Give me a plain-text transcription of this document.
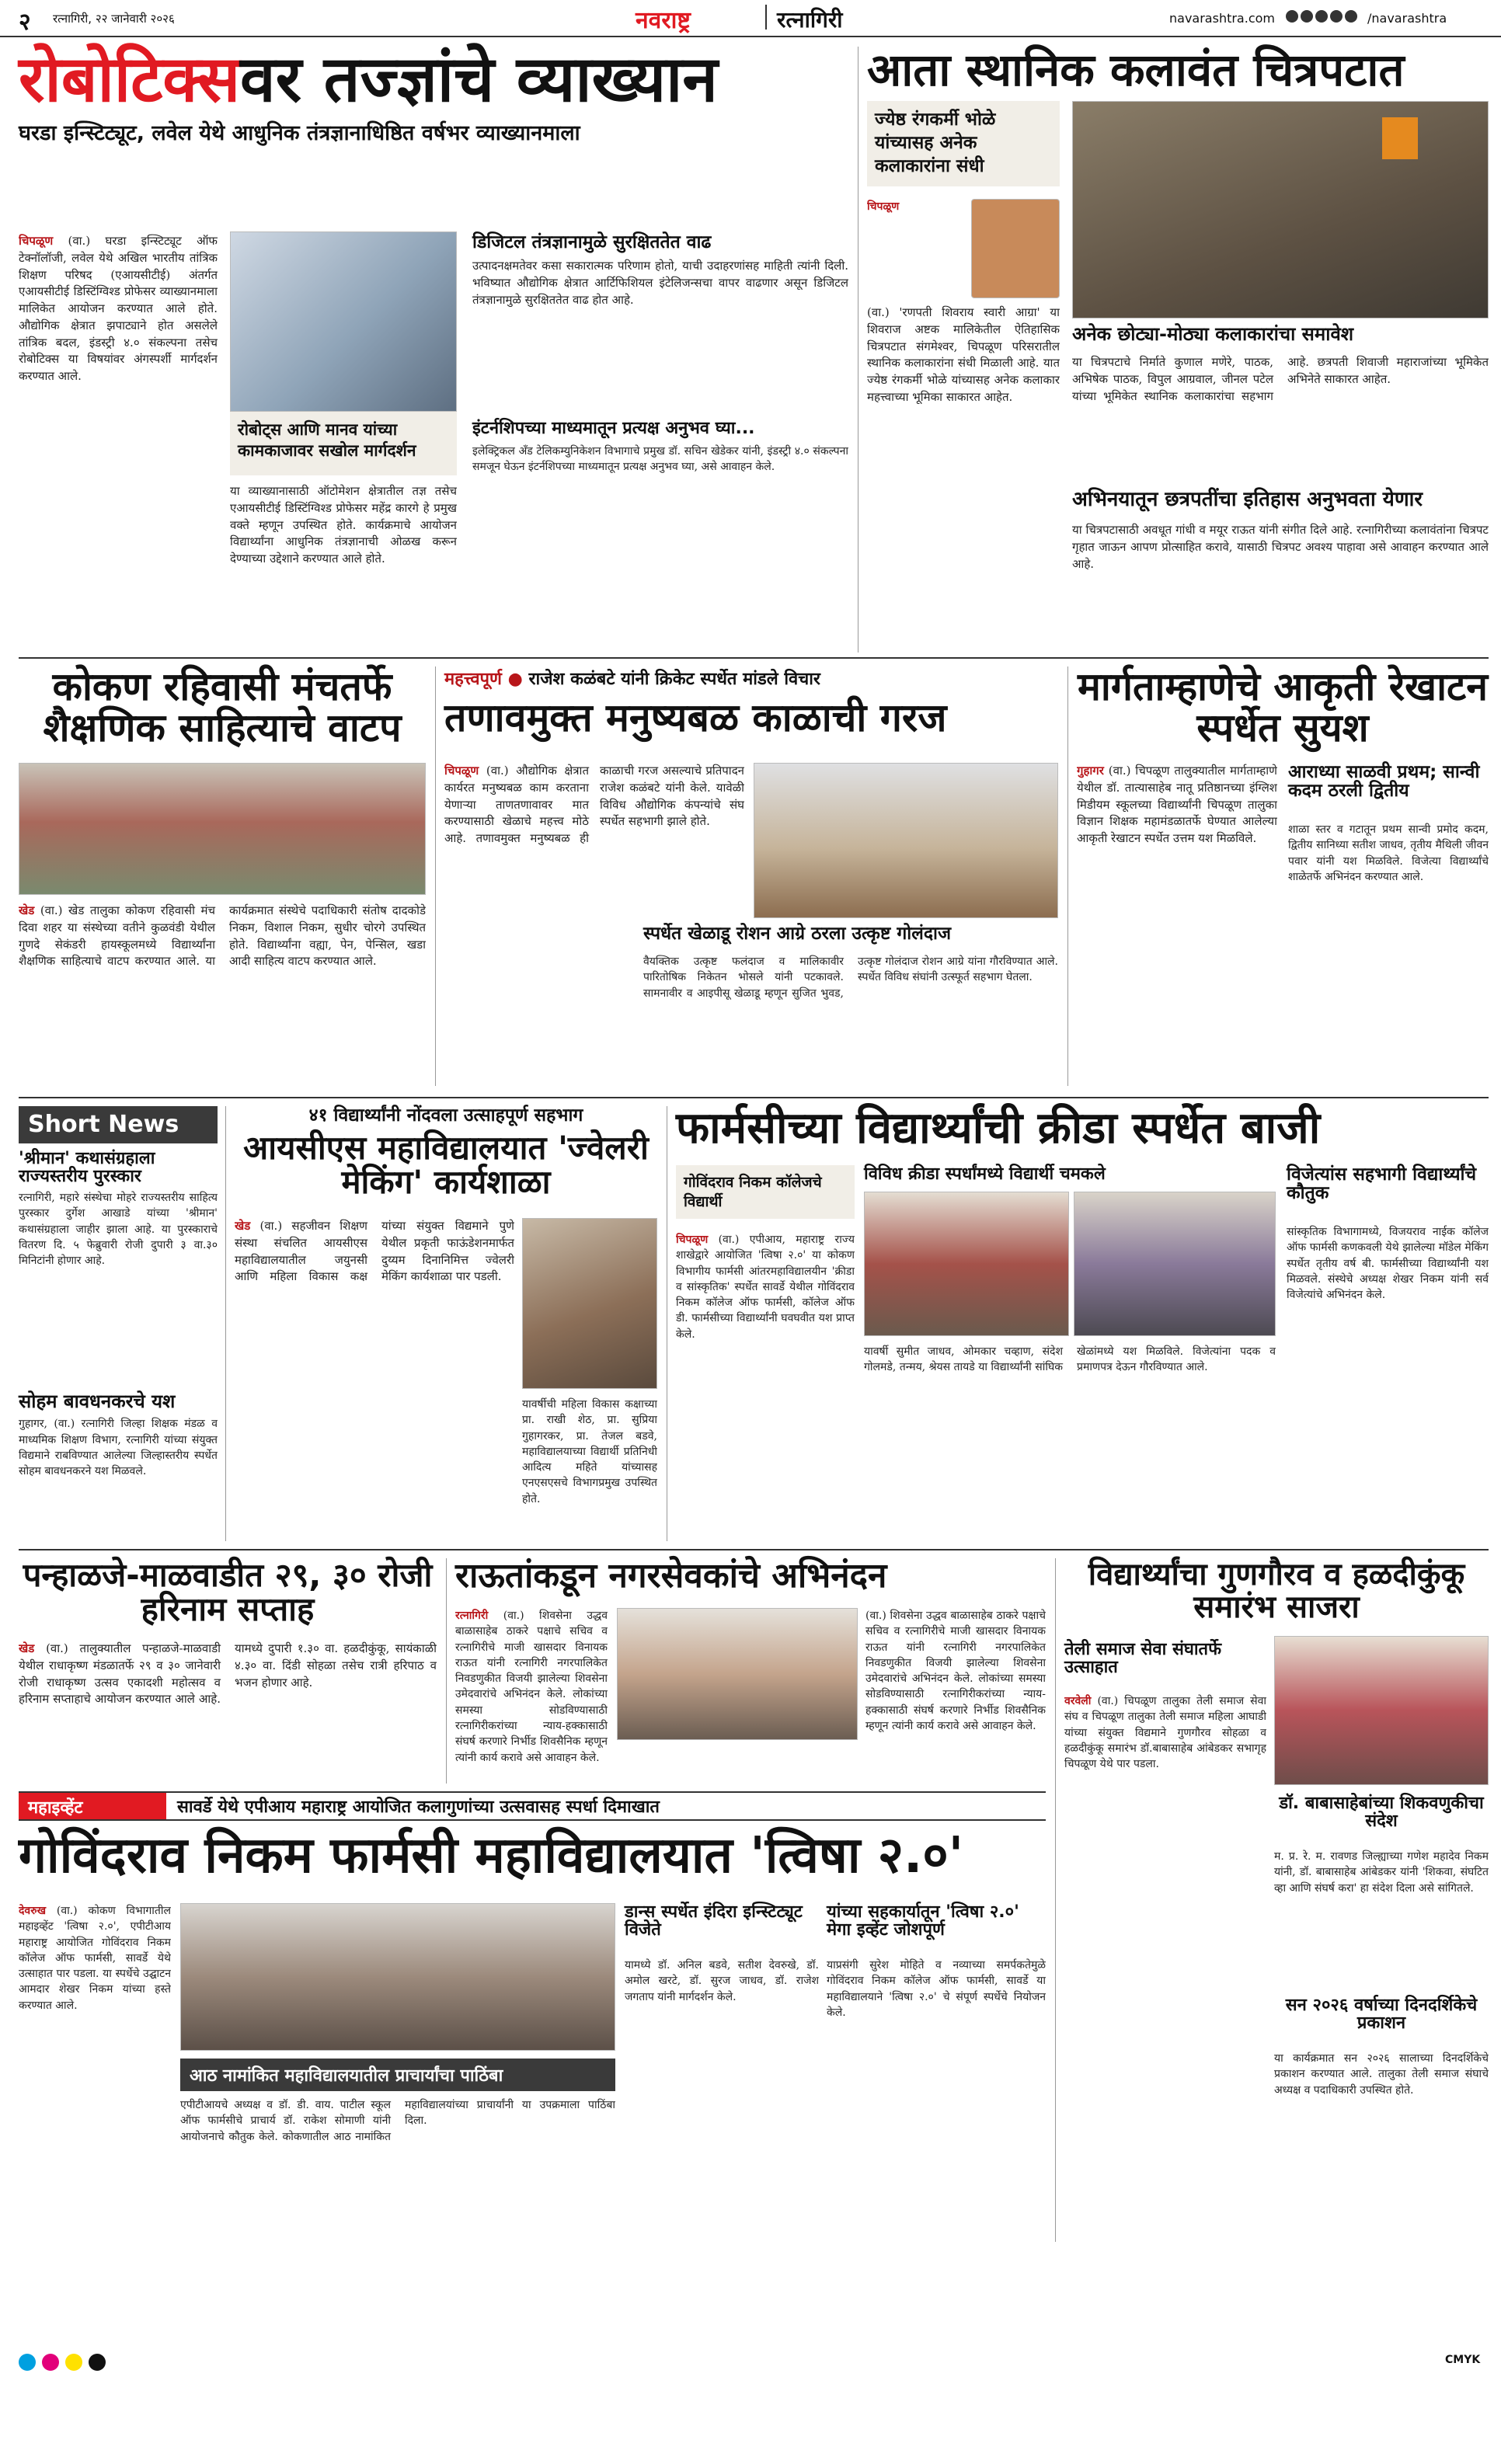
२ रत्नागिरी, २२ जानेवारी २०२६	नवराष्ट्र	रत्नागिरी	navarashtra.com	/navarashtra
रोबोटिक्सवर तज्ज्ञांचे व्याख्यान
घरडा इन्स्टिट्यूट, लवेल येथे आधुनिक तंत्रज्ञानाधिष्ठित वर्षभर व्याख्यानमाला
चिपळूण (वा.) घरडा इन्स्टिट्यूट ऑफ टेक्नॉलॉजी, लवेल येथे अखिल भारतीय तांत्रिक शिक्षण परिषद (एआयसीटीई) अंतर्गत एआयसीटीई डिस्टिंग्विश्ड प्रोफेसर व्याख्यानमाला मालिकेत आयोजन करण्यात आले होते. औद्योगिक क्षेत्रात झपाट्याने होत असलेले तांत्रिक बदल, इंडस्ट्री ४.० संकल्पना तसेच रोबोटिक्स या विषयांवर अंगस्पर्शी मार्गदर्शन करण्यात आले.
रोबोट्स आणि मानव यांच्या कामकाजावर सखोल मार्गदर्शन
डिजिटल तंत्रज्ञानामुळे सुरक्षिततेत वाढ
उत्पादनक्षमतेवर कसा सकारात्मक परिणाम होतो, याची उदाहरणांसह माहिती त्यांनी दिली. भविष्यात औद्योगिक क्षेत्रात आर्टिफिशियल इंटेलिजन्सचा वापर वाढणार असून डिजिटल तंत्रज्ञानामुळे सुरक्षिततेत वाढ होत आहे.
या व्याख्यानासाठी ऑटोमेशन क्षेत्रातील तज्ञ तसेच एआयसीटीई डिस्टिंग्विश्ड प्रोफेसर महेंद्र कारगे हे प्रमुख वक्ते म्हणून उपस्थित होते. कार्यक्रमाचे आयोजन विद्यार्थ्यांना आधुनिक तंत्रज्ञानाची ओळख करून देण्याच्या उद्देशाने करण्यात आले होते.
इंटर्नशिपच्या माध्यमातून प्रत्यक्ष अनुभव घ्या...
इलेक्ट्रिकल अँड टेलिकम्युनिकेशन विभागाचे प्रमुख डॉ. सचिन खेडेकर यांनी, इंडस्ट्री ४.० संकल्पना समजून घेऊन इंटर्नशिपच्या माध्यमातून प्रत्यक्ष अनुभव घ्या, असे आवाहन केले.
आता स्थानिक कलावंत चित्रपटात
ज्येष्ठ रंगकर्मी भोळे यांच्यासह अनेक कलाकारांना संधी
चिपळूण
(वा.) 'रणपती शिवराय स्वारी आग्रा' या शिवराज अष्टक मालिकेतील ऐतिहासिक चित्रपटात संगमेश्वर, चिपळूण परिसरातील स्थानिक कलाकारांना संधी मिळाली आहे. यात ज्येष्ठ रंगकर्मी भोळे यांच्यासह अनेक कलाकार महत्त्वाच्या भूमिका साकारत आहेत.
अनेक छोट्या-मोठ्या कलाकारांचा समावेश
या चित्रपटाचे निर्माते कुणाल मणेरे, पाठक, अभिषेक पाठक, विपुल आग्रवाल, जीनल पटेल यांच्या भूमिकेत स्थानिक कलाकारांचा सहभाग आहे. छत्रपती शिवाजी महाराजांच्या भूमिकेत अभिनेते साकारत आहेत.
अभिनयातून छत्रपतींचा इतिहास अनुभवता येणार
या चित्रपटासाठी अवधूत गांधी व मयूर राऊत यांनी संगीत दिले आहे. रत्नागिरीच्या कलावंतांना चित्रपट गृहात जाऊन आपण प्रोत्साहित करावे, यासाठी चित्रपट अवश्य पाहावा असे आवाहन करण्यात आले आहे.
कोकण रहिवासी मंचतर्फे शैक्षणिक साहित्याचे वाटप
खेड (वा.) खेड तालुका कोकण रहिवासी मंच दिवा शहर या संस्थेच्या वतीने कुळवंडी येथील गुणदे सेकंडरी हायस्कूलमध्ये विद्यार्थ्यांना शैक्षणिक साहित्याचे वाटप करण्यात आले. या कार्यक्रमात संस्थेचे पदाधिकारी संतोष दादकोडे निकम, विशाल निकम, सुधीर चोरगे उपस्थित होते. विद्यार्थ्यांना वह्या, पेन, पेन्सिल, खडा आदी साहित्य वाटप करण्यात आले.
महत्त्वपूर्ण ● राजेश कळंबटे यांनी क्रिकेट स्पर्धेत मांडले विचार
तणावमुक्त मनुष्यबळ काळाची गरज
चिपळूण (वा.) औद्योगिक क्षेत्रात कार्यरत मनुष्यबळ काम करताना येणाऱ्या ताणतणावावर मात करण्यासाठी खेळाचे महत्त्व मोठे आहे. तणावमुक्त मनुष्यबळ ही काळाची गरज असल्याचे प्रतिपादन राजेश कळंबटे यांनी केले. यावेळी विविध औद्योगिक कंपन्यांचे संघ स्पर्धेत सहभागी झाले होते.
स्पर्धेत खेळाडू रोशन आग्रे ठरला उत्कृष्ट गोलंदाज
वैयक्तिक उत्कृष्ट फलंदाज व मालिकावीर पारितोषिक निकेतन भोसले यांनी पटकावले. सामनावीर व आइपीसू खेळाडू म्हणून सुजित भुवड, उत्कृष्ट गोलंदाज रोशन आग्रे यांना गौरविण्यात आले. स्पर्धेत विविध संघांनी उत्स्फूर्त सहभाग घेतला.
मार्गताम्हाणेचे आकृती रेखाटन स्पर्धेत सुयश
गुहागर (वा.) चिपळूण तालुक्यातील मार्गताम्हाणे येथील डॉ. तात्यासाहेब नातू प्रतिष्ठानच्या इंग्लिश मिडीयम स्कूलच्या विद्यार्थ्यांनी चिपळूण तालुका विज्ञान शिक्षक महामंडळातर्फे घेण्यात आलेल्या आकृती रेखाटन स्पर्धेत उत्तम यश मिळविले.
आराध्या साळवी प्रथम; सान्वी कदम ठरली द्वितीय
शाळा स्तर व गटातून प्रथम सान्वी प्रमोद कदम, द्वितीय सानिध्या सतीश जाधव, तृतीय मैथिली जीवन पवार यांनी यश मिळविले. विजेत्या विद्यार्थ्यांचे शाळेतर्फे अभिनंदन करण्यात आले.
Short News
'श्रीमान' कथासंग्रहाला राज्यस्तरीय पुरस्कार
रत्नागिरी, महारे संस्थेचा मोहरे राज्यस्तरीय साहित्य पुरस्कार दुर्गेश आखाडे यांच्या 'श्रीमान' कथासंग्रहाला जाहीर झाला आहे. या पुरस्काराचे वितरण दि. ५ फेब्रुवारी रोजी दुपारी ३ वा.३० मिनिटांनी होणार आहे.
सोहम बावधनकरचे यश
गुहागर, (वा.) रत्नागिरी जिल्हा शिक्षक मंडळ व माध्यमिक शिक्षण विभाग, रत्नागिरी यांच्या संयुक्त विद्यमाने राबविण्यात आलेल्या जिल्हास्तरीय स्पर्धेत सोहम बावधनकरने यश मिळवले.
४१ विद्यार्थ्यांनी नोंदवला उत्साहपूर्ण सहभाग
आयसीएस महाविद्यालयात 'ज्वेलरी मेकिंग' कार्यशाळा
खेड (वा.) सहजीवन शिक्षण संस्था संचलित आयसीएस महाविद्यालयातील जयुनसी आणि महिला विकास कक्ष यांच्या संयुक्त विद्यमाने पुणे येथील प्रकृती फाऊंडेशनमार्फत दुय्यम दिनानिमित्त ज्वेलरी मेकिंग कार्यशाळा पार पडली.
यावर्षीची महिला विकास कक्षाच्या प्रा. राखी शेठ, प्रा. सुप्रिया गुहागरकर, प्रा. तेजल बडवे, महाविद्यालयाच्या विद्यार्थी प्रतिनिधी आदित्य महिते यांच्यासह एनएसएसचे विभागप्रमुख उपस्थित होते.
फार्मसीच्या विद्यार्थ्यांची क्रीडा स्पर्धेत बाजी
गोविंदराव निकम कॉलेजचे विद्यार्थी
चिपळूण (वा.) एपीआय, महाराष्ट्र राज्य शाखेद्वारे आयोजित 'त्विषा २.०' या कोकण विभागीय फार्मसी आंतरमहाविद्यालयीन 'क्रीडा व सांस्कृतिक' स्पर्धेत सावर्डे येथील गोविंदराव निकम कॉलेज ऑफ फार्मसी, कॉलेज ऑफ डी. फार्मसीच्या विद्यार्थ्यांनी घवघवीत यश प्राप्त केले.
विविध क्रीडा स्पर्धांमध्ये विद्यार्थी चमकले
यावर्षी सुमीत जाधव, ओमकार चव्हाण, संदेश गोलमडे, तन्मय, श्रेयस तायडे या विद्यार्थ्यांनी सांघिक खेळांमध्ये यश मिळविले. विजेत्यांना पदक व प्रमाणपत्र देऊन गौरविण्यात आले.
विजेत्यांस सहभागी विद्यार्थ्यांचे कौतुक
सांस्कृतिक विभागामध्ये, विजयराव नाईक कॉलेज ऑफ फार्मसी कणकवली येथे झालेल्या मॉडेल मेकिंग स्पर्धेत तृतीय वर्ष बी. फार्मसीच्या विद्यार्थ्यांनी यश मिळवले. संस्थेचे अध्यक्ष शेखर निकम यांनी सर्व विजेत्यांचे अभिनंदन केले.
पन्हाळजे-माळवाडीत २९, ३० रोजी हरिनाम सप्ताह
खेड (वा.) तालुक्यातील पन्हाळजे-माळवाडी येथील राधाकृष्ण मंडळातर्फे २९ व ३० जानेवारी रोजी राधाकृष्ण उत्सव एकादशी महोत्सव व हरिनाम सप्ताहाचे आयोजन करण्यात आले आहे. यामध्ये दुपारी १.३० वा. हळदीकुंकू, सायंकाळी ४.३० वा. दिंडी सोहळा तसेच रात्री हरिपाठ व भजन होणार आहे.
राऊतांकडून नगरसेवकांचे अभिनंदन
रत्नागिरी (वा.) शिवसेना उद्धव बाळासाहेब ठाकरे पक्षाचे सचिव व रत्नागिरीचे माजी खासदार विनायक राऊत यांनी रत्नागिरी नगरपालिकेत निवडणुकीत विजयी झालेल्या शिवसेना उमेदवारांचे अभिनंदन केले. लोकांच्या समस्या सोडविण्यासाठी रत्नागिरीकरांच्या न्याय-हक्कासाठी संघर्ष करणारे निर्भीड शिवसैनिक म्हणून त्यांनी कार्य करावे असे आवाहन केले.
(वा.) शिवसेना उद्धव बाळासाहेब ठाकरे पक्षाचे सचिव व रत्नागिरीचे माजी खासदार विनायक राऊत यांनी रत्नागिरी नगरपालिकेत निवडणुकीत विजयी झालेल्या शिवसेना उमेदवारांचे अभिनंदन केले. लोकांच्या समस्या सोडविण्यासाठी रत्नागिरीकरांच्या न्याय-हक्कासाठी संघर्ष करणारे निर्भीड शिवसैनिक म्हणून त्यांनी कार्य करावे असे आवाहन केले.
विद्यार्थ्यांचा गुणगौरव व हळदीकुंकू समारंभ साजरा
तेली समाज सेवा संघातर्फे उत्साहात
वरवेली (वा.) चिपळूण तालुका तेली समाज सेवा संघ व चिपळूण तालुका तेली समाज महिला आघाडी यांच्या संयुक्त विद्यमाने गुणगौरव सोहळा व हळदीकुंकू समारंभ डॉ.बाबासाहेब आंबेडकर सभागृह चिपळूण येथे पार पडला.
डॉ. बाबासाहेबांच्या शिकवणुकीचा संदेश
म. प्र. रे. म. रावणड जिल्ह्याच्या गणेश महादेव निकम यांनी, डॉ. बाबासाहेब आंबेडकर यांनी 'शिकवा, संघटित व्हा आणि संघर्ष करा' हा संदेश दिला असे सांगितले.
सन २०२६ वर्षाच्या दिनदर्शिकेचे प्रकाशन
या कार्यक्रमात सन २०२६ सालाच्या दिनदर्शिकेचे प्रकाशन करण्यात आले. तालुका तेली समाज संघाचे अध्यक्ष व पदाधिकारी उपस्थित होते.
महाइव्हेंट	सावर्डे येथे एपीआय महाराष्ट्र आयोजित कलागुणांच्या उत्सवासह स्पर्धा दिमाखात
गोविंदराव निकम फार्मसी महाविद्यालयात 'त्विषा २.०'
देवरुख (वा.) कोकण विभागातील महाइव्हेंट 'त्विषा २.०', एपीटीआय महाराष्ट्र आयोजित गोविंदराव निकम कॉलेज ऑफ फार्मसी, सावर्डे येथे उत्साहात पार पडला. या स्पर्धेचे उद्घाटन आमदार शेखर निकम यांच्या हस्ते करण्यात आले.
डान्स स्पर्धेत इंदिरा इन्स्टिट्यूट विजेते
यामध्ये डॉ. अनिल बडवे, सतीश देवरुखे, डॉ. अमोल खरटे, डॉ. सुरज जाधव, डॉ. राजेश जगताप यांनी मार्गदर्शन केले.
यांच्या सहकार्यातून 'त्विषा २.०' मेगा इव्हेंट जोशपूर्ण
याप्रसंगी सुरेश मोहिते व नव्याच्या समर्पकतेमुळे गोविंदराव निकम कॉलेज ऑफ फार्मसी, सावर्डे या महाविद्यालयाने 'त्विषा २.०' चे संपूर्ण स्पर्धेचे नियोजन केले.
आठ नामांकित महाविद्यालयातील प्राचार्यांचा पाठिंबा
एपीटीआयचे अध्यक्ष व डॉ. डी. वाय. पाटील स्कूल ऑफ फार्मसीचे प्राचार्य डॉ. राकेश सोमाणी यांनी आयोजनाचे कौतुक केले. कोकणातील आठ नामांकित महाविद्यालयांच्या प्राचार्यांनी या उपक्रमाला पाठिंबा दिला.
CMYK
